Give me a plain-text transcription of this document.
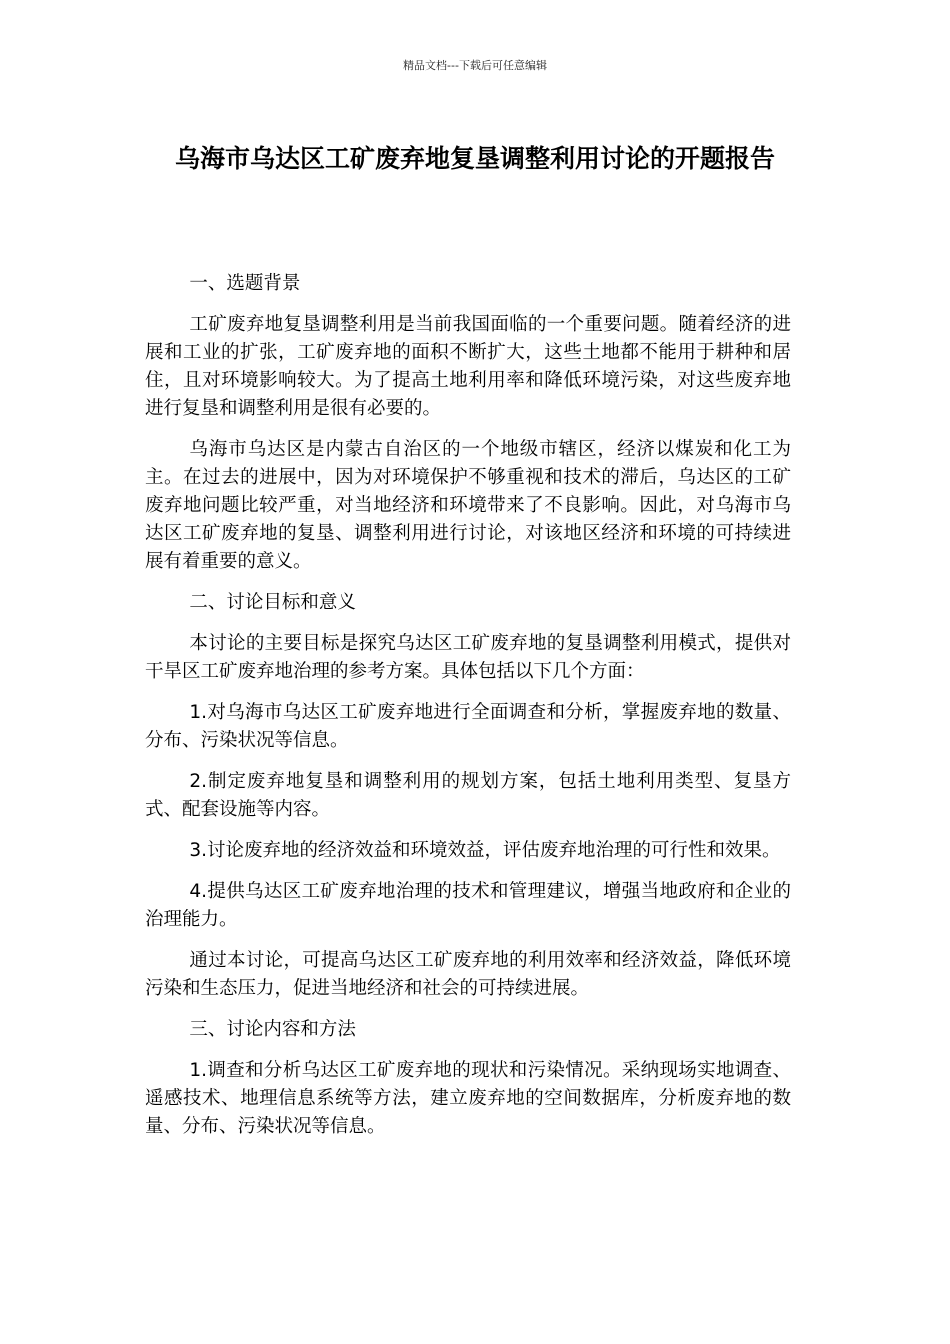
精品文档---下载后可任意编辑
乌海市乌达区工矿废弃地复垦调整利用讨论的开题报告

一、选题背景

工矿废弃地复垦调整利用是当前我国面临的一个重要问题。随着经济的进展和工业的扩张，工矿废弃地的面积不断扩大，这些土地都不能用于耕种和居住，且对环境影响较大。为了提高土地利用率和降低环境污染，对这些废弃地进行复垦和调整利用是很有必要的。

乌海市乌达区是内蒙古自治区的一个地级市辖区，经济以煤炭和化工为主。在过去的进展中，因为对环境保护不够重视和技术的滞后，乌达区的工矿废弃地问题比较严重，对当地经济和环境带来了不良影响。因此，对乌海市乌达区工矿废弃地的复垦、调整利用进行讨论，对该地区经济和环境的可持续进展有着重要的意义。

二、讨论目标和意义

本讨论的主要目标是探究乌达区工矿废弃地的复垦调整利用模式，提供对干旱区工矿废弃地治理的参考方案。具体包括以下几个方面：

1.对乌海市乌达区工矿废弃地进行全面调查和分析，掌握废弃地的数量、分布、污染状况等信息。

2.制定废弃地复垦和调整利用的规划方案，包括土地利用类型、复垦方式、配套设施等内容。

3.讨论废弃地的经济效益和环境效益，评估废弃地治理的可行性和效果。

4.提供乌达区工矿废弃地治理的技术和管理建议，增强当地政府和企业的治理能力。

通过本讨论，可提高乌达区工矿废弃地的利用效率和经济效益，降低环境污染和生态压力，促进当地经济和社会的可持续进展。

三、讨论内容和方法

1.调查和分析乌达区工矿废弃地的现状和污染情况。采纳现场实地调查、遥感技术、地理信息系统等方法，建立废弃地的空间数据库，分析废弃地的数量、分布、污染状况等信息。
